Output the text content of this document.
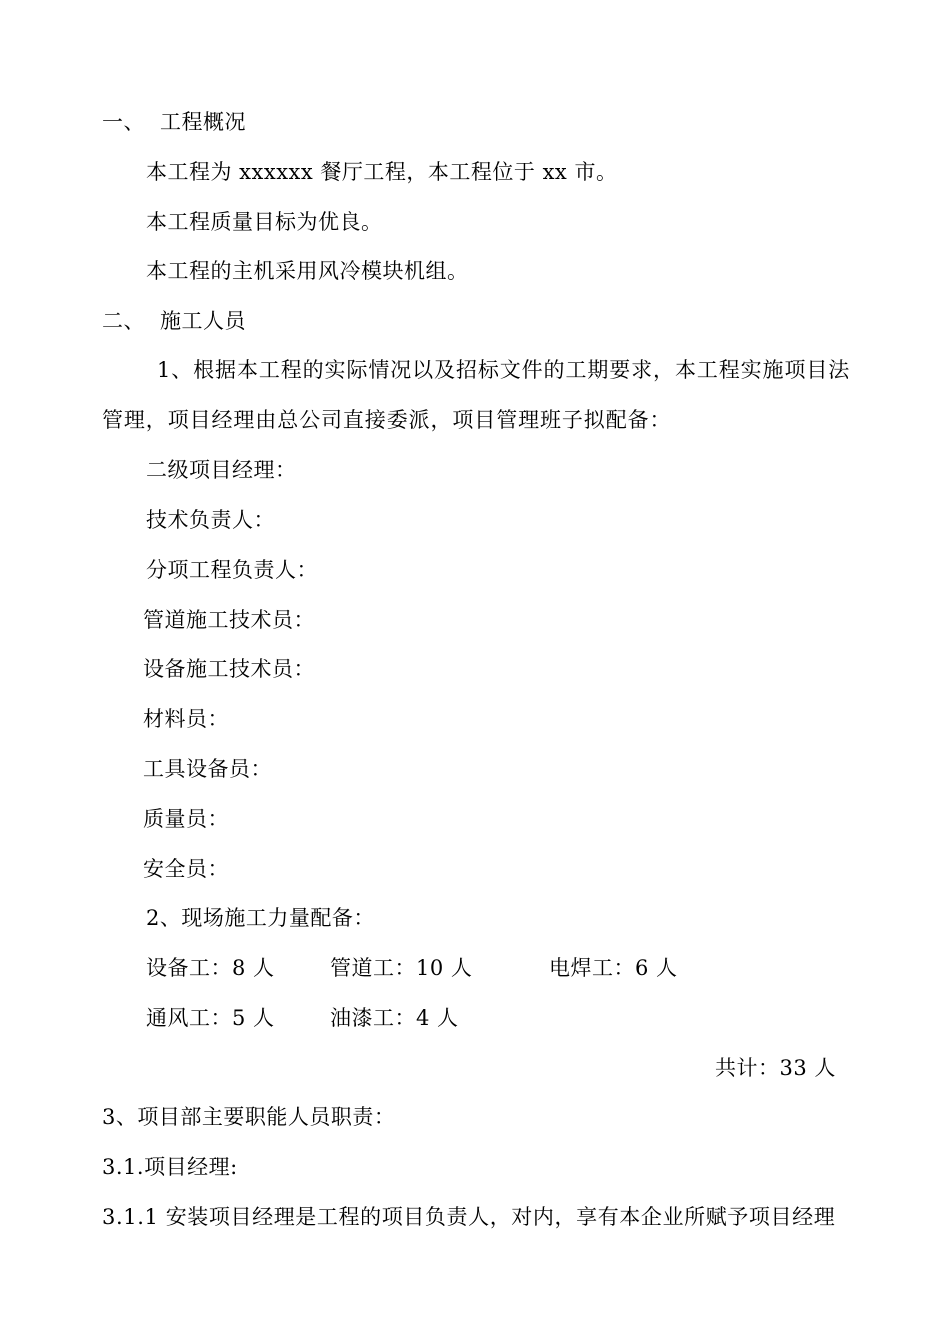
一、 工程概况
本工程为 xxxxxx 餐厅工程，本工程位于 xx 市。
本工程质量目标为优良。
本工程的主机采用风冷模块机组。
二、 施工人员
1、根据本工程的实际情况以及招标文件的工期要求，本工程实施项目法
管理，项目经理由总公司直接委派，项目管理班子拟配备：
二级项目经理：
技术负责人：
分项工程负责人：
管道施工技术员：
设备施工技术员：
材料员：
工具设备员：
质量员：
安全员：
2、现场施工力量配备：
设备工：8 人	管道工：10 人	电焊工：6 人
通风工：5 人	油漆工：4 人
共计：33 人
3、项目部主要职能人员职责：
3.1.项目经理:
3.1.1 安装项目经理是工程的项目负责人，对内，享有本企业所赋予项目经理
